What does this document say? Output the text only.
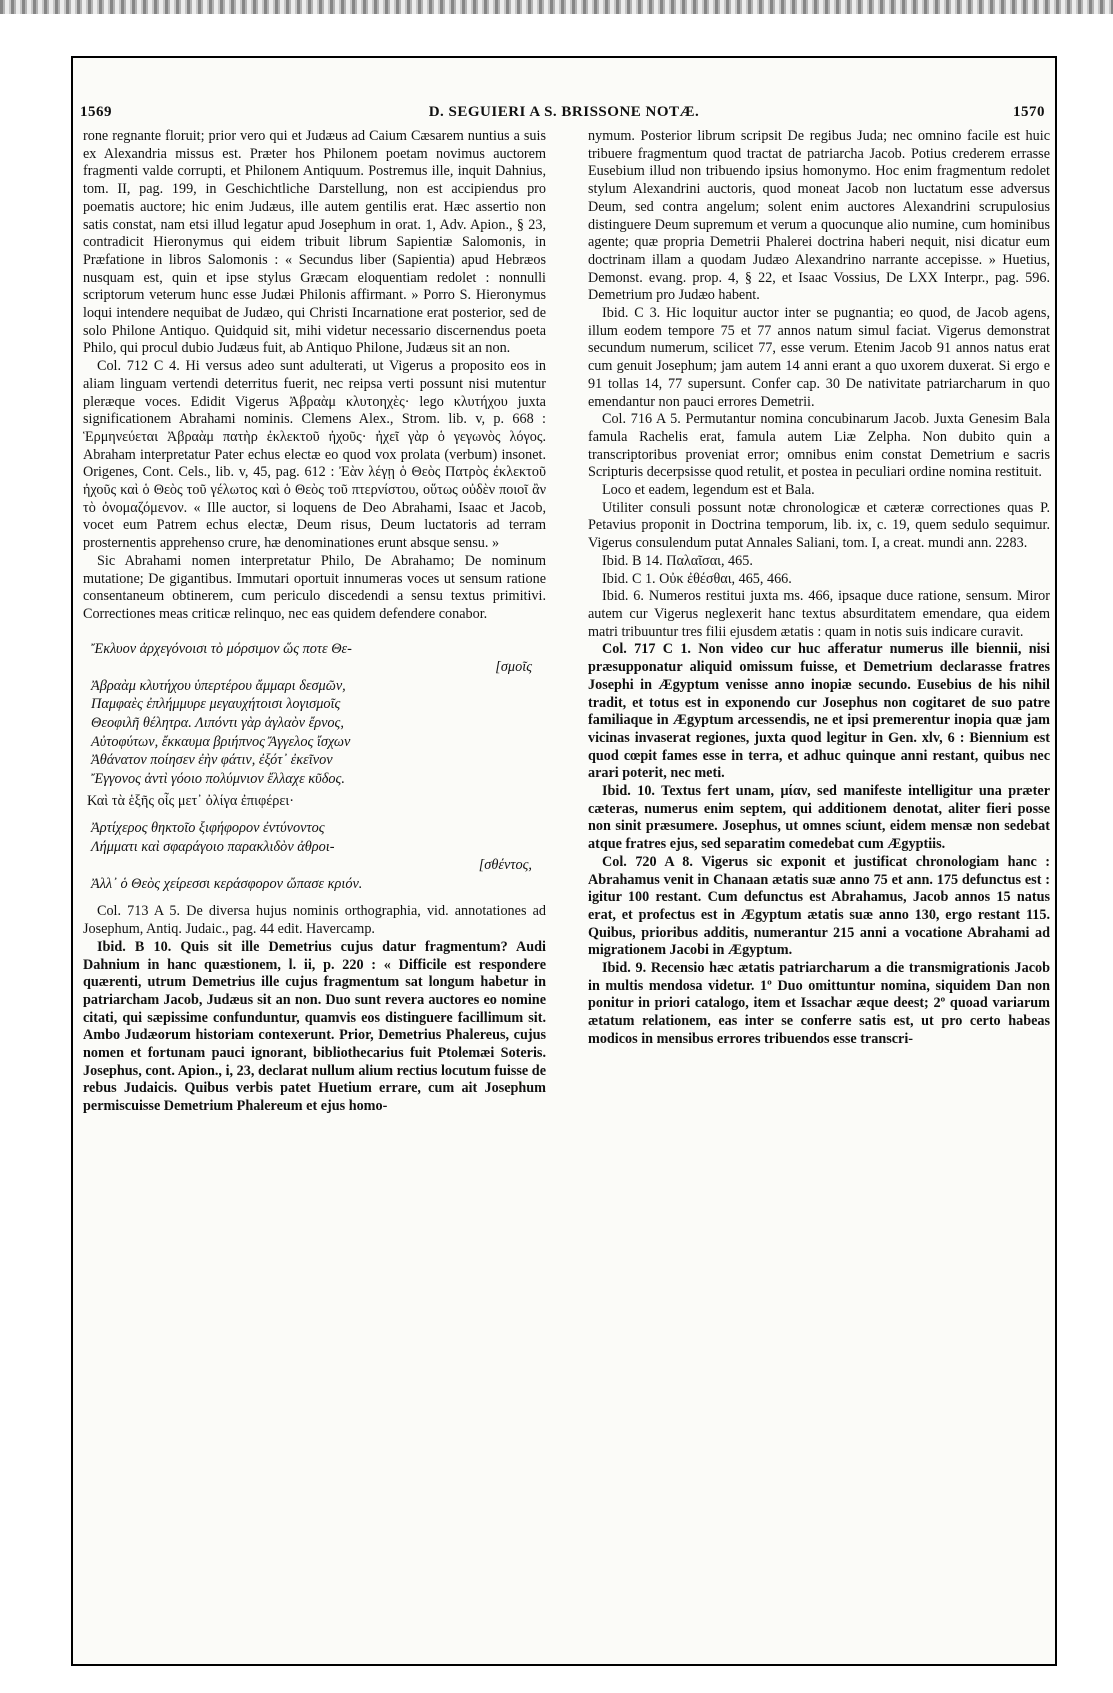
1569	D. SEGUIERI A S. BRISSONE NOTÆ.	1570

rone regnante floruit; prior vero qui et Judæus ad Caium Cæsarem nuntius a suis ex Alexandria missus est. Præter hos Philonem poetam novimus auctorem fragmenti valde corrupti, et Philonem Antiquum. Postremus ille, inquit Dahnius, tom. II, pag. 199, in Geschichtliche Darstellung, non est accipiendus pro poematis auctore; hic enim Judæus, ille autem gentilis erat. Hæc assertio non satis constat, nam etsi illud legatur apud Josephum in orat. 1, Adv. Apion., § 23, contradicit Hieronymus qui eidem tribuit librum Sapientiæ Salomonis, in Præfatione in libros Salomonis : « Secundus liber (Sapientia) apud Hebræos nusquam est, quin et ipse stylus Græcam eloquentiam redolet : nonnulli scriptorum veterum hunc esse Judæi Philonis affirmant. » Porro S. Hieronymus loqui intendere nequibat de Judæo, qui Christi Incarnatione erat posterior, sed de solo Philone Antiquo. Quidquid sit, mihi videtur necessario discernendus poeta Philo, qui procul dubio Judæus fuit, ab Antiquo Philone, Judæus sit an non.

Col. 712 C 4. Hi versus adeo sunt adulterati, ut Vigerus a proposito eos in aliam linguam vertendi deterritus fuerit, nec reipsa verti possunt nisi mutentur pleræque voces. Edidit Vigerus Ἀβραὰμ κλυτοηχὲς· lego κλυτήχου juxta significationem Abrahami nominis. Clemens Alex., Strom. lib. v, p. 668 : Ἑρμηνεύεται Ἀβραὰμ πατὴρ ἐκλεκτοῦ ἠχοῦς· ἠχεῖ γὰρ ὁ γεγωνὸς λόγος. Abraham interpretatur Pater echus electæ eo quod vox prolata (verbum) insonet. Origenes, Cont. Cels., lib. v, 45, pag. 612 : Ἐὰν λέγῃ ὁ Θεὸς Πατρὸς ἐκλεκτοῦ ἠχοῦς καὶ ὁ Θεὸς τοῦ γέλωτος καὶ ὁ Θεὸς τοῦ πτερνίστου, οὕτως οὐδὲν ποιοῖ ἂν τὸ ὀνομαζόμενον. « Ille auctor, si loquens de Deo Abrahami, Isaac et Jacob, vocet eum Patrem echus electæ, Deum risus, Deum luctatoris ad terram prosternentis apprehenso crure, hæ denominationes erunt absque sensu. »

Sic Abrahami nomen interpretatur Philo, De Abrahamo; De nominum mutatione; De gigantibus. Immutari oportuit innumeras voces ut sensum ratione consentaneum obtinerem, cum periculo discedendi a sensu textus primitivi. Correctiones meas criticæ relinquo, nec eas quidem defendere conabor.

Ἔκλυον ἀρχεγόνοισι τὸ μόρσιμον ὥς ποτε Θε-
[σμοῖς
Ἀβραὰμ κλυτήχου ὑπερτέρου ἄμμαρι δεσμῶν,
Παμφαὲς ἐπλήμμυρε μεγαυχήτοισι λογισμοῖς
Θεοφιλῆ θέλητρα. Λιπόντι γὰρ ἀγλαὸν ἔρνος,
Αὐτοφύτων, ἔκκαυμα βριήπνος Ἄγγελος ἴσχων
Ἀθάνατον ποίησεν ἐὴν φάτιν, ἐξότ᾽ ἐκεῖνον
Ἔγγονος ἀντὶ γόοιο πολύμνιον ἔλλαχε κῦδος.
Καὶ τὰ ἑξῆς οἷς μετ᾽ ὀλίγα ἐπιφέρει·
Ἀρτίχερος θηκτοῖο ξιφήφορον ἐντύνοντος
Λήμματι καὶ σφαράγοιο παρακλιδὸν ἀθροι-
[σθέντος,
Ἀλλ᾽ ὁ Θεὸς χείρεσσι κεράσφορον ὤπασε κριόν.

Col. 713 A 5. De diversa hujus nominis orthographia, vid. annotationes ad Josephum, Antiq. Judaic., pag. 44 edit. Havercamp.

Ibid. B 10. Quis sit ille Demetrius cujus datur fragmentum? Audi Dahnium in hanc quæstionem, l. ii, p. 220 : « Difficile est respondere quærenti, utrum Demetrius ille cujus fragmentum sat longum habetur in patriarcham Jacob, Judæus sit an non. Duo sunt revera auctores eo nomine citati, qui sæpissime confunduntur, quamvis eos distinguere facillimum sit. Ambo Judæorum historiam contexerunt. Prior, Demetrius Phalereus, cujus nomen et fortunam pauci ignorant, bibliothecarius fuit Ptolemæi Soteris. Josephus, cont. Apion., i, 23, declarat nullum alium rectius locutum fuisse de rebus Judaicis. Quibus verbis patet Huetium errare, cum ait Josephum permiscuisse Demetrium Phalereum et ejus homo-

nymum. Posterior librum scripsit De regibus Juda; nec omnino facile est huic tribuere fragmentum quod tractat de patriarcha Jacob. Potius crederem errasse Eusebium illud non tribuendo ipsius homonymo. Hoc enim fragmentum redolet stylum Alexandrini auctoris, quod moneat Jacob non luctatum esse adversus Deum, sed contra angelum; solent enim auctores Alexandrini scrupulosius distinguere Deum supremum et verum a quocunque alio numine, cum hominibus agente; quæ propria Demetrii Phalerei doctrina haberi nequit, nisi dicatur eum doctrinam illam a quodam Judæo Alexandrino narrante accepisse. » Huetius, Demonst. evang. prop. 4, § 22, et Isaac Vossius, De LXX Interpr., pag. 596. Demetrium pro Judæo habent.

Ibid. C 3. Hic loquitur auctor inter se pugnantia; eo quod, de Jacob agens, illum eodem tempore 75 et 77 annos natum simul faciat. Vigerus demonstrat secundum numerum, scilicet 77, esse verum. Etenim Jacob 91 annos natus erat cum genuit Josephum; jam autem 14 anni erant a quo uxorem duxerat. Si ergo e 91 tollas 14, 77 supersunt. Confer cap. 30 De nativitate patriarcharum in quo emendantur non pauci errores Demetrii.

Col. 716 A 5. Permutantur nomina concubinarum Jacob. Juxta Genesim Bala famula Rachelis erat, famula autem Liæ Zelpha. Non dubito quin a transcriptoribus proveniat error; omnibus enim constat Demetrium e sacris Scripturis decerpsisse quod retulit, et postea in peculiari ordine nomina restituit.

Loco et eadem, legendum est et Bala.

Utiliter consuli possunt notæ chronologicæ et cæteræ correctiones quas P. Petavius proponit in Doctrina temporum, lib. ix, c. 19, quem sedulo sequimur. Vigerus consulendum putat Annales Saliani, tom. I, a creat. mundi ann. 2283.

Ibid. B 14. Παλαῖσαι, 465.

Ibid. C 1. Οὐκ ἐθέσθαι, 465, 466.

Ibid. 6. Numeros restitui juxta ms. 466, ipsaque duce ratione, sensum. Miror autem cur Vigerus neglexerit hanc textus absurditatem emendare, qua eidem matri tribuuntur tres filii ejusdem ætatis : quam in notis suis indicare curavit.

Col. 717 C 1. Non video cur huc afferatur numerus ille biennii, nisi præsupponatur aliquid omissum fuisse, et Demetrium declarasse fratres Josephi in Ægyptum venisse anno inopiæ secundo. Eusebius de his nihil tradit, et totus est in exponendo cur Josephus non cogitaret de suo patre familiaque in Ægyptum arcessendis, ne et ipsi premerentur inopia quæ jam vicinas invaserat regiones, juxta quod legitur in Gen. xlv, 6 : Biennium est quod cœpit fames esse in terra, et adhuc quinque anni restant, quibus nec arari poterit, nec meti.

Ibid. 10. Textus fert unam, μίαν, sed manifeste intelligitur una præter cæteras, numerus enim septem, qui additionem denotat, aliter fieri posse non sinit præsumere. Josephus, ut omnes sciunt, eidem mensæ non sedebat atque fratres ejus, sed separatim comedebat cum Ægyptiis.

Col. 720 A 8. Vigerus sic exponit et justificat chronologiam hanc : Abrahamus venit in Chanaan ætatis suæ anno 75 et ann. 175 defunctus est : igitur 100 restant. Cum defunctus est Abrahamus, Jacob annos 15 natus erat, et profectus est in Ægyptum ætatis suæ anno 130, ergo restant 115. Quibus, prioribus additis, numerantur 215 anni a vocatione Abrahami ad migrationem Jacobi in Ægyptum.

Ibid. 9. Recensio hæc ætatis patriarcharum a die transmigrationis Jacob in multis mendosa videtur. 1º Duo omittuntur nomina, siquidem Dan non ponitur in priori catalogo, item et Issachar æque deest; 2º quoad variarum ætatum relationem, eas inter se conferre satis est, ut pro certo habeas modicos in mensibus errores tribuendos esse transcri-
